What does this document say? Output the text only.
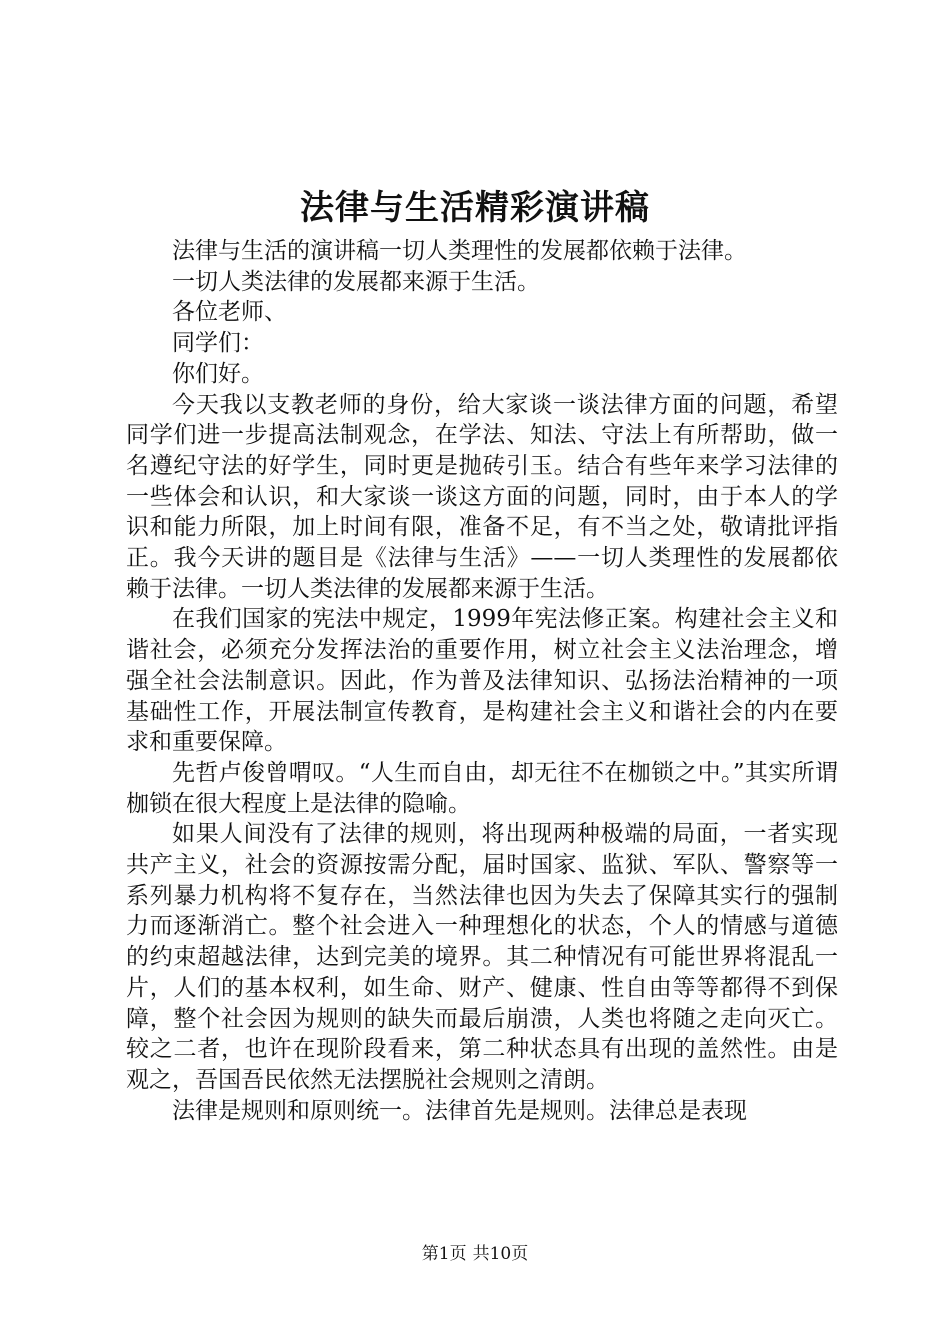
法律与生活精彩演讲稿

法律与生活的演讲稿一切人类理性的发展都依赖于法律。

一切人类法律的发展都来源于生活。

各位老师、

同学们：

你们好。

今天我以支教老师的身份，给大家谈一谈法律方面的问题，希望同学们进一步提高法制观念，在学法、知法、守法上有所帮助，做一名遵纪守法的好学生，同时更是抛砖引玉。结合有些年来学习法律的一些体会和认识，和大家谈一谈这方面的问题，同时，由于本人的学识和能力所限，加上时间有限，准备不足，有不当之处，敬请批评指正。我今天讲的题目是《法律与生活》——一切人类理性的发展都依赖于法律。一切人类法律的发展都来源于生活。

在我们国家的宪法中规定，1999年宪法修正案。构建社会主义和谐社会，必须充分发挥法治的重要作用，树立社会主义法治理念，增强全社会法制意识。因此，作为普及法律知识、弘扬法治精神的一项基础性工作，开展法制宣传教育，是构建社会主义和谐社会的内在要求和重要保障。

先哲卢俊曾喟叹。“人生而自由，却无往不在枷锁之中。”其实所谓枷锁在很大程度上是法律的隐喻。

如果人间没有了法律的规则，将出现两种极端的局面，一者实现共产主义，社会的资源按需分配，届时国家、监狱、军队、警察等一系列暴力机构将不复存在，当然法律也因为失去了保障其实行的强制力而逐渐消亡。整个社会进入一种理想化的状态，个人的情感与道德的约束超越法律，达到完美的境界。其二种情况有可能世界将混乱一片，人们的基本权利，如生命、财产、健康、性自由等等都得不到保障，整个社会因为规则的缺失而最后崩溃，人类也将随之走向灭亡。较之二者，也许在现阶段看来，第二种状态具有出现的盖然性。由是观之，吾国吾民依然无法摆脱社会规则之清朗。

法律是规则和原则统一。法律首先是规则。法律总是表现

第1页 共10页
